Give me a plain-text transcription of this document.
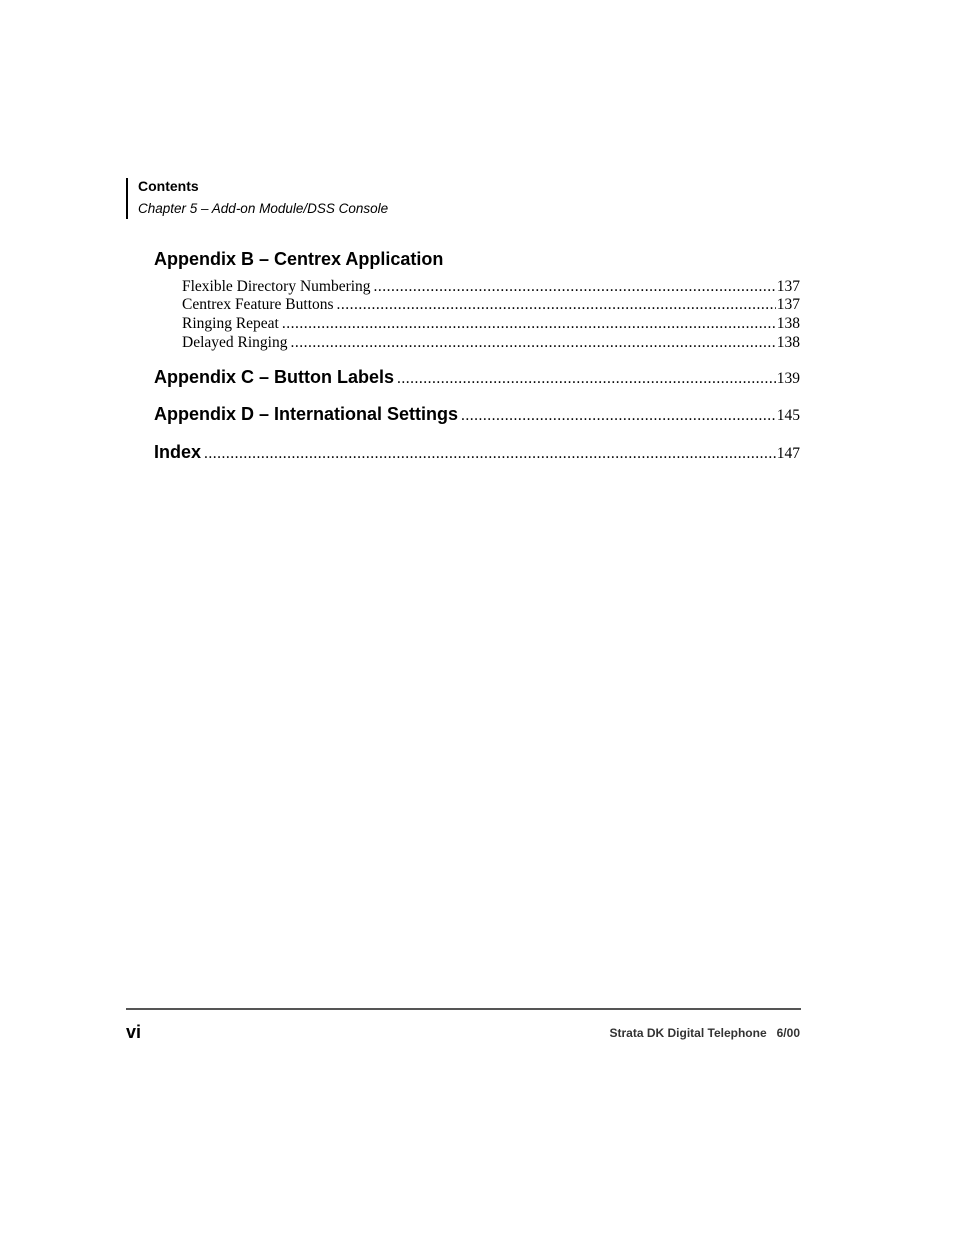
Contents
Chapter 5 – Add-on Module/DSS Console
Appendix B – Centrex Application
Flexible Directory Numbering .....	137
Centrex Feature Buttons .....	137
Ringing Repeat .....	138
Delayed Ringing .....	138
Appendix C – Button Labels .....	139
Appendix D – International Settings .....	145
Index .....	147
vi	Strata DK Digital Telephone   6/00
